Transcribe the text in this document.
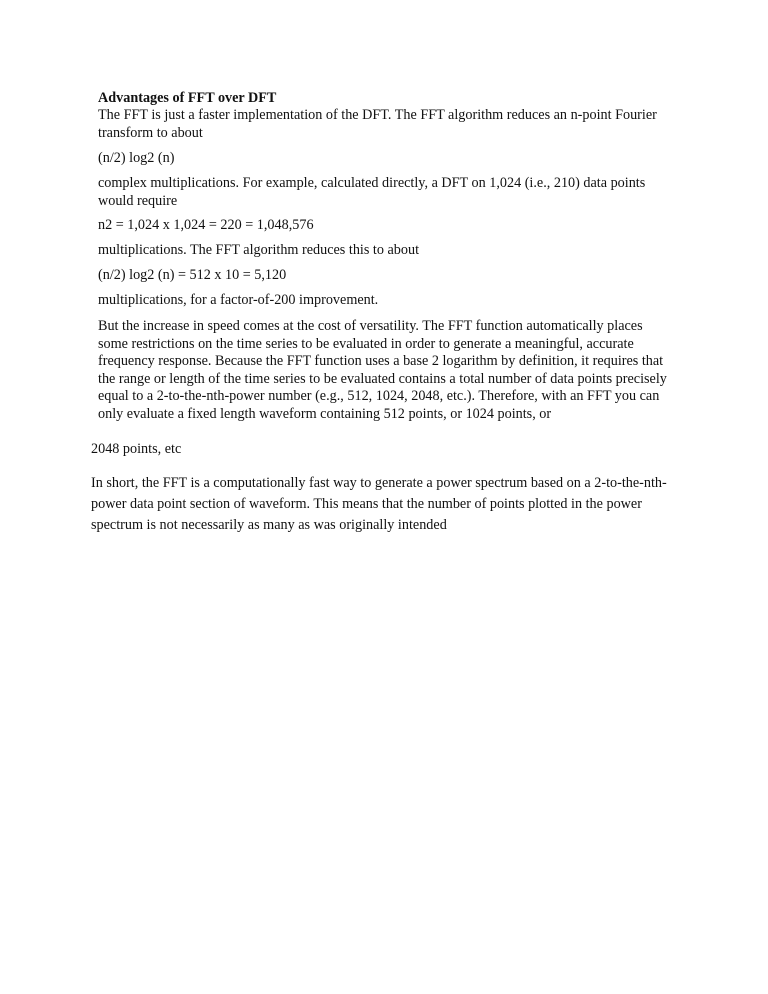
Advantages of FFT over DFT
The FFT is just a faster implementation of the DFT. The FFT algorithm reduces an n-point Fourier transform to about
(n/2) log2 (n)
complex multiplications. For example, calculated directly, a DFT on 1,024 (i.e., 210) data points would require
n2 = 1,024 x 1,024 = 220 = 1,048,576
multiplications. The FFT algorithm reduces this to about
(n/2) log2 (n) = 512 x 10 = 5,120
multiplications, for a factor-of-200 improvement.
But the increase in speed comes at the cost of versatility. The FFT function automatically places some restrictions on the time series to be evaluated in order to generate a meaningful, accurate frequency response. Because the FFT function uses a base 2 logarithm by definition, it requires that the range or length of the time series to be evaluated contains a total number of data points precisely equal to a 2-to-the-nth-power number (e.g., 512, 1024, 2048, etc.). Therefore, with an FFT you can only evaluate a fixed length waveform containing 512 points, or 1024 points, or
2048 points, etc
In short, the FFT is a computationally fast way to generate a power spectrum based on a 2-to-the-nth-power data point section of waveform. This means that the number of points plotted in the power spectrum is not necessarily as many as was originally intended
